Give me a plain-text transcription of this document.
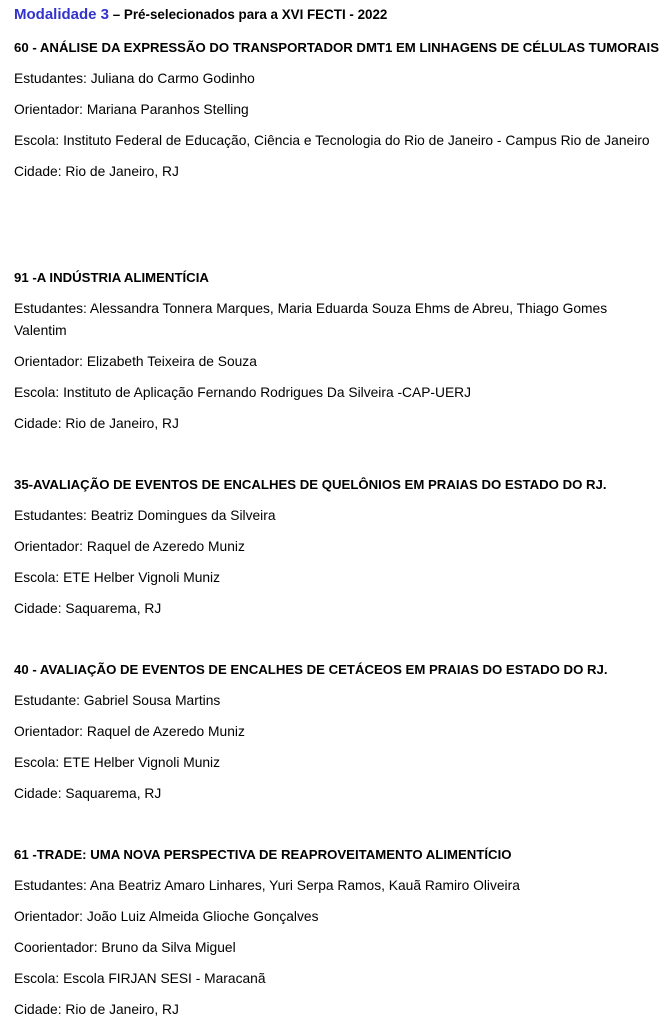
Modalidade 3 – Pré-selecionados para a XVI FECTI - 2022

60 - ANÁLISE DA EXPRESSÃO DO TRANSPORTADOR DMT1 EM LINHAGENS DE CÉLULAS TUMORAIS

Estudantes: Juliana do Carmo Godinho

Orientador: Mariana Paranhos Stelling

Escola: Instituto Federal de Educação, Ciência e Tecnologia do Rio de Janeiro - Campus Rio de Janeiro

Cidade: Rio de Janeiro, RJ

91 -A INDÚSTRIA ALIMENTÍCIA

Estudantes: Alessandra Tonnera Marques, Maria Eduarda Souza Ehms de Abreu, Thiago Gomes Valentim

Orientador: Elizabeth Teixeira de Souza

Escola: Instituto de Aplicação Fernando Rodrigues Da Silveira -CAP-UERJ

Cidade: Rio de Janeiro, RJ

35-AVALIAÇÃO DE EVENTOS DE ENCALHES DE QUELÔNIOS EM PRAIAS DO ESTADO DO RJ.

Estudantes: Beatriz Domingues da Silveira

Orientador: Raquel de Azeredo Muniz

Escola: ETE Helber Vignoli Muniz

Cidade: Saquarema, RJ

40 - AVALIAÇÃO DE EVENTOS DE ENCALHES DE CETÁCEOS EM PRAIAS DO ESTADO DO RJ.

Estudante: Gabriel Sousa Martins

Orientador: Raquel de Azeredo Muniz

Escola: ETE Helber Vignoli Muniz

Cidade: Saquarema, RJ

61 -TRADE: UMA NOVA PERSPECTIVA DE REAPROVEITAMENTO ALIMENTÍCIO

Estudantes: Ana Beatriz Amaro Linhares, Yuri Serpa Ramos, Kauã Ramiro Oliveira

Orientador: João Luiz Almeida Glioche Gonçalves

Coorientador: Bruno da Silva Miguel

Escola: Escola FIRJAN SESI - Maracanã

Cidade: Rio de Janeiro, RJ
